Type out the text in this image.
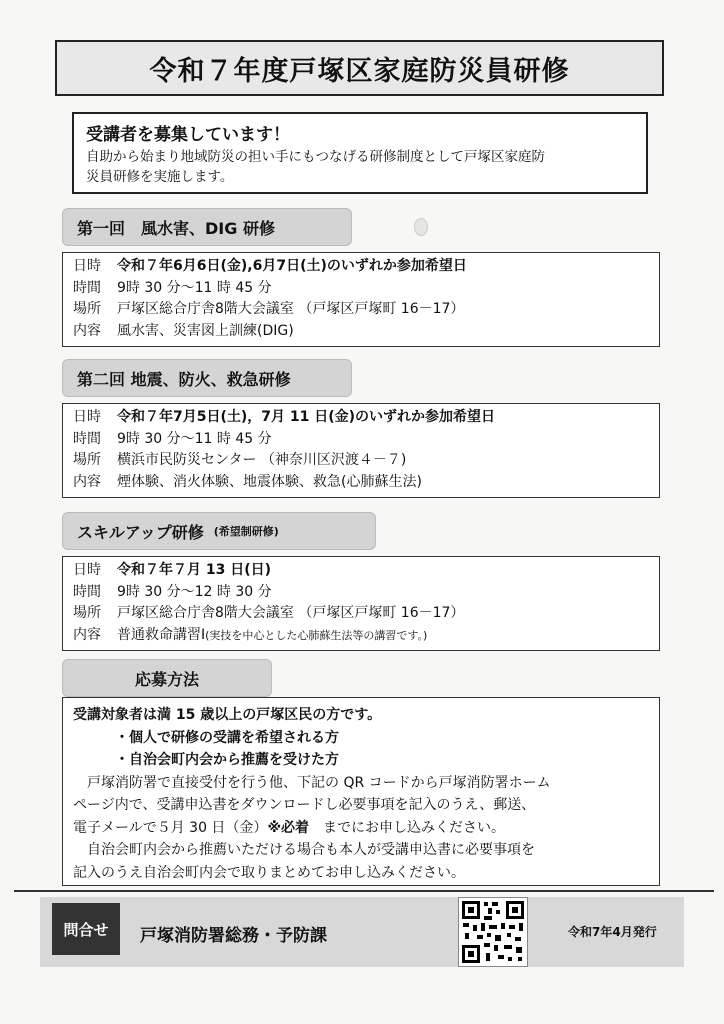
令和７年度戸塚区家庭防災員研修
受講者を募集しています！
自助から始まり地域防災の担い手にもつなげる研修制度として戸塚区家庭防
災員研修を実施します。
第一回　風水害、DIG 研修
日時	令和７年6月6日(金),6月7日(土)のいずれか参加希望日
時間	9時 30 分～11 時 45 分
場所	戸塚区総合庁舎8階大会議室 （戸塚区戸塚町 16－17）
内容	風水害、災害図上訓練(DIG)
第二回 地震、防火、救急研修
日時	令和７年7月5日(土)，7月 11 日(金)のいずれか参加希望日
時間	9時 30 分～11 時 45 分
場所	横浜市民防災センター （神奈川区沢渡４－７)
内容	煙体験、消火体験、地震体験、救急(心肺蘇生法)
スキルアップ研修 (希望制研修)
日時	令和７年７月 13 日(日)
時間	9時 30 分～12 時 30 分
場所	戸塚区総合庁舎8階大会議室 （戸塚区戸塚町 16－17）
内容	普通救命講習Ⅰ (実技を中心とした心肺蘇生法等の講習です。)
応募方法
受講対象者は満 15 歳以上の戸塚区民の方です。
・個人で研修の受講を希望される方
・自治会町内会から推薦を受けた方
戸塚消防署で直接受付を行う他、下記の QR コードから戸塚消防署ホーム
ページ内で、受講申込書をダウンロードし必要事項を記入のうえ、郵送、
電子メールで５月 30 日（金）※必着　までにお申し込みください。
自治会町内会から推薦いただける場合も本人が受講申込書に必要事項を
記入のうえ自治会町内会で取りまとめてお申し込みください。
問合せ	戸塚消防署総務・予防課	令和7年4月発行
